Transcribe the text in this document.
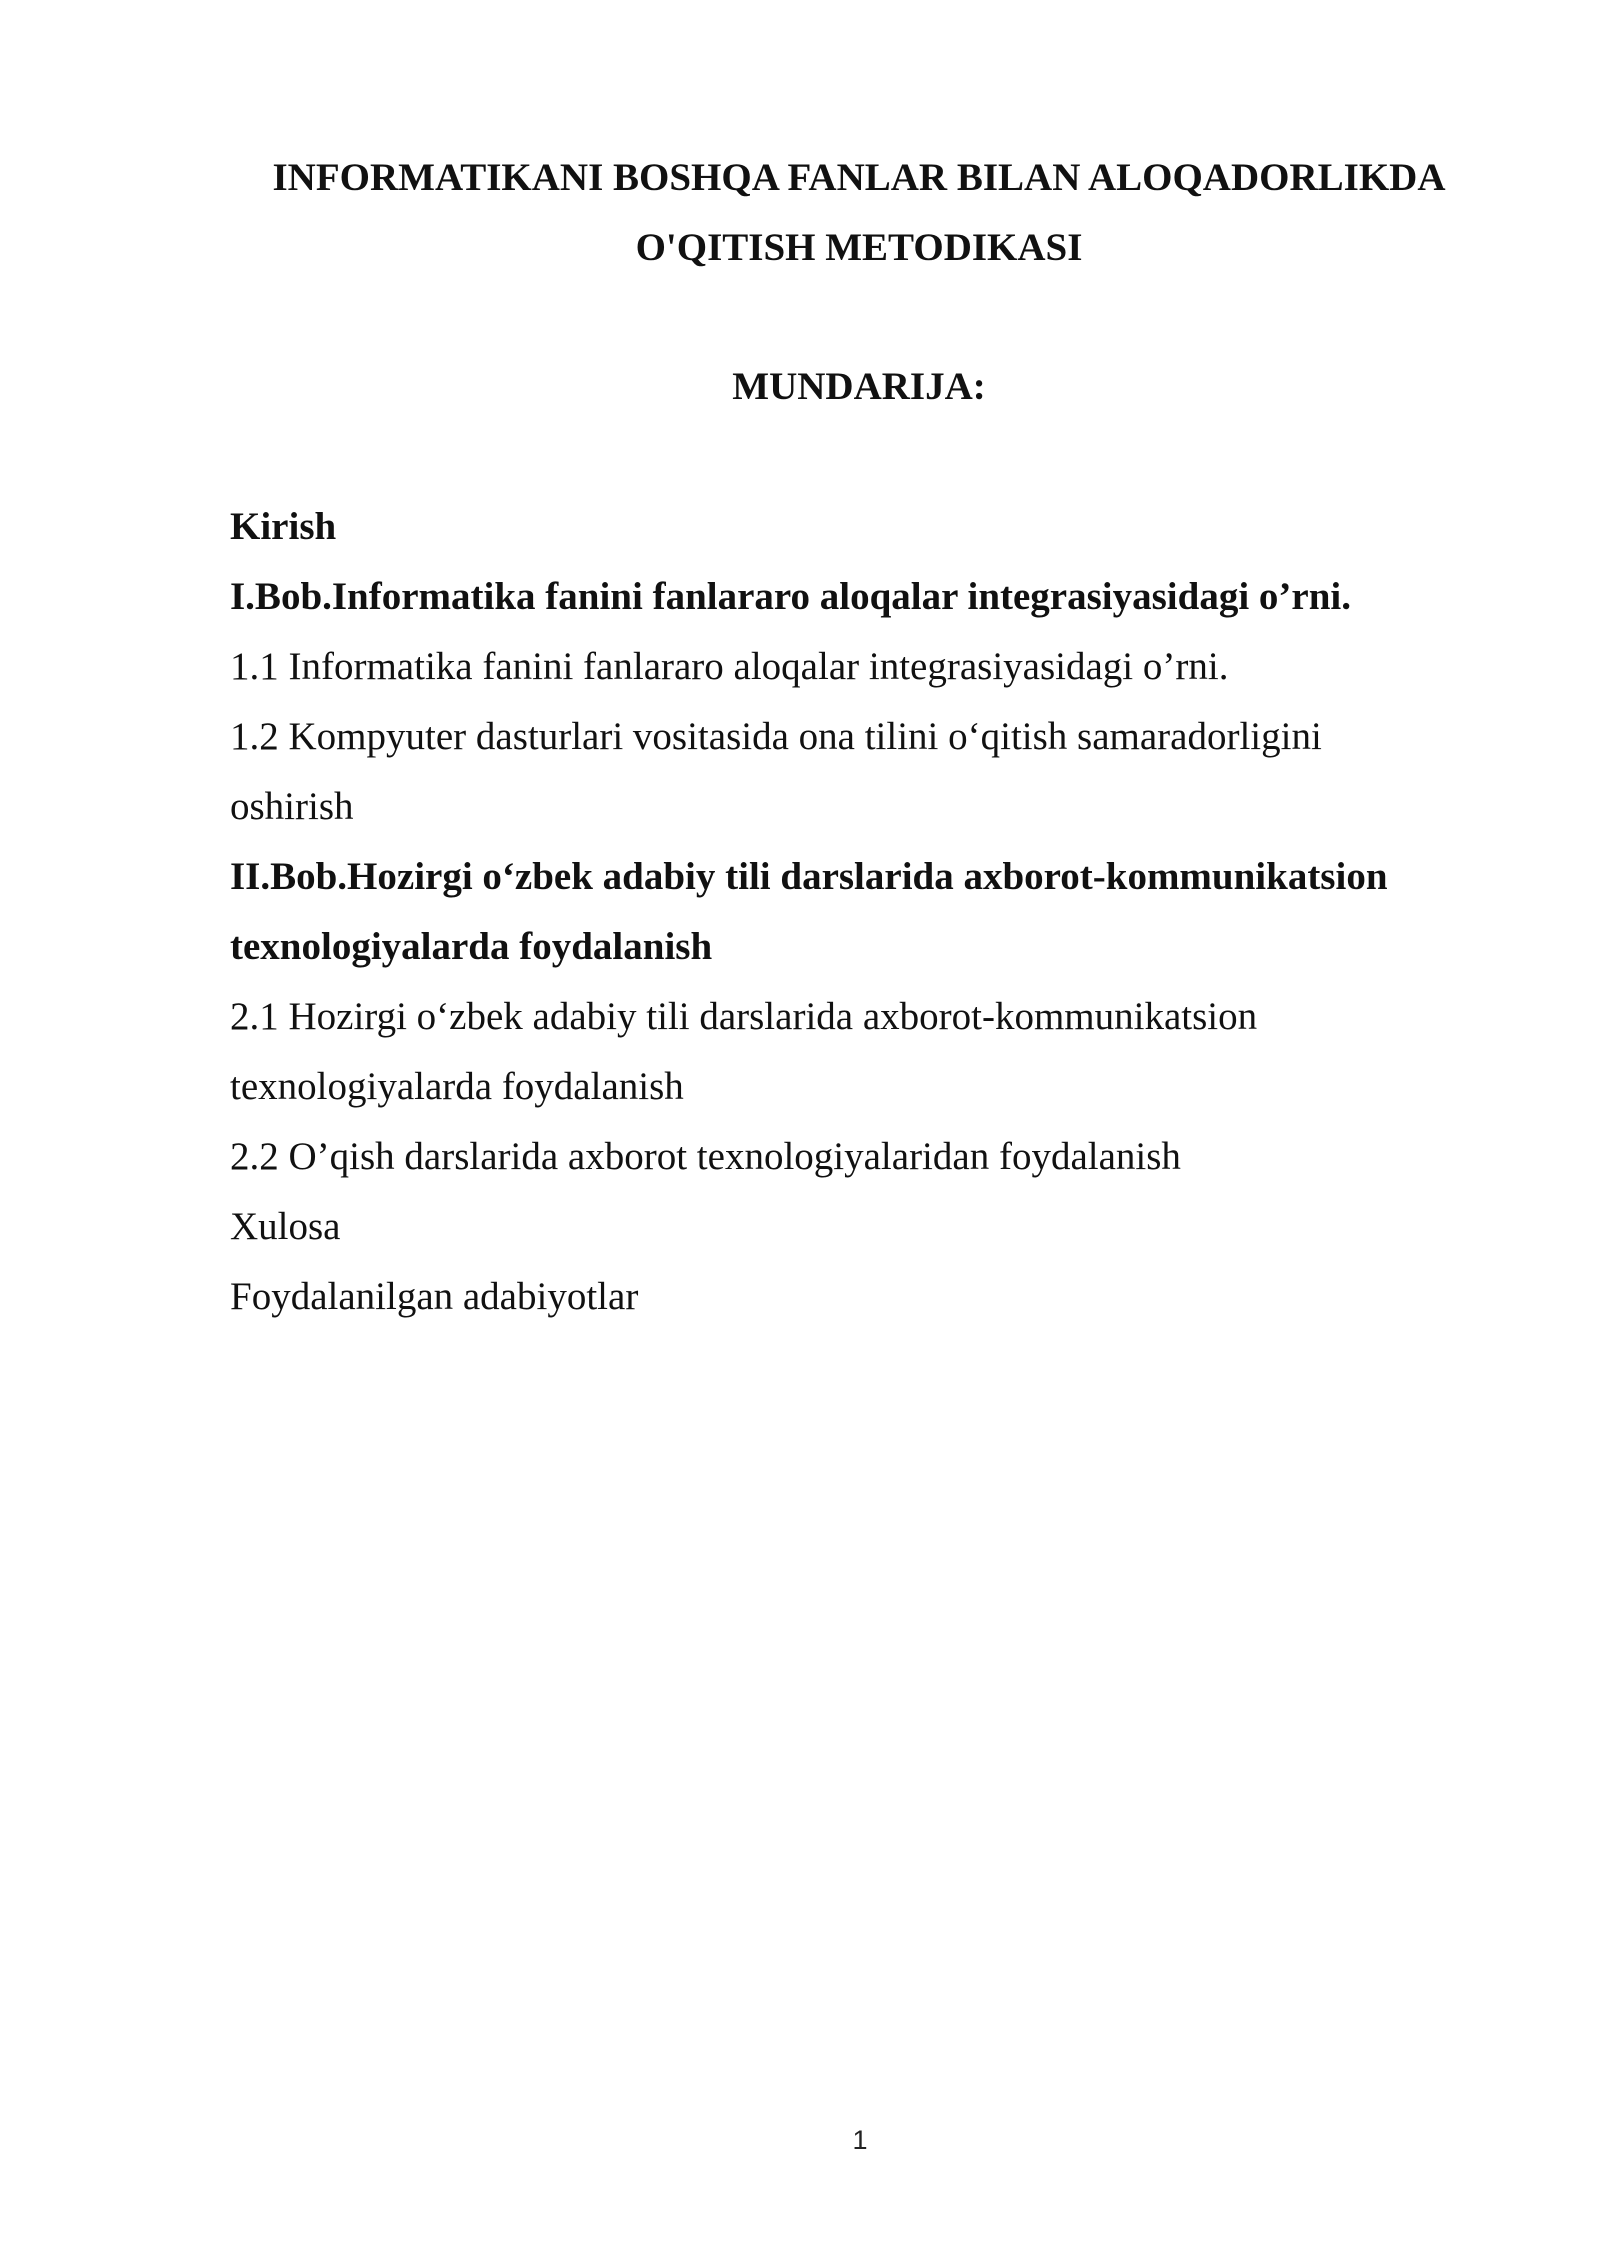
INFORMATIKANI BOSHQA FANLAR BILAN ALOQADORLIKDA
O'QITISH METODIKASI
MUNDARIJA:
Kirish
I.Bob.Informatika fanini fanlararo aloqalar integrasiyasidagi o’rni.
1.1 Informatika fanini fanlararo aloqalar integrasiyasidagi o’rni.
1.2 Kompyuter dasturlari vositasida ona tilini o‘qitish samaradorligini
oshirish
II.Bob.Hozirgi o‘zbek adabiy tili darslarida axborot-kommunikatsion
texnologiyalarda foydalanish
2.1 Hozirgi o‘zbek adabiy tili darslarida axborot-kommunikatsion
texnologiyalarda foydalanish
2.2 O’qish darslarida axborot texnologiyalaridan foydalanish
Xulosa
Foydalanilgan adabiyotlar
1
